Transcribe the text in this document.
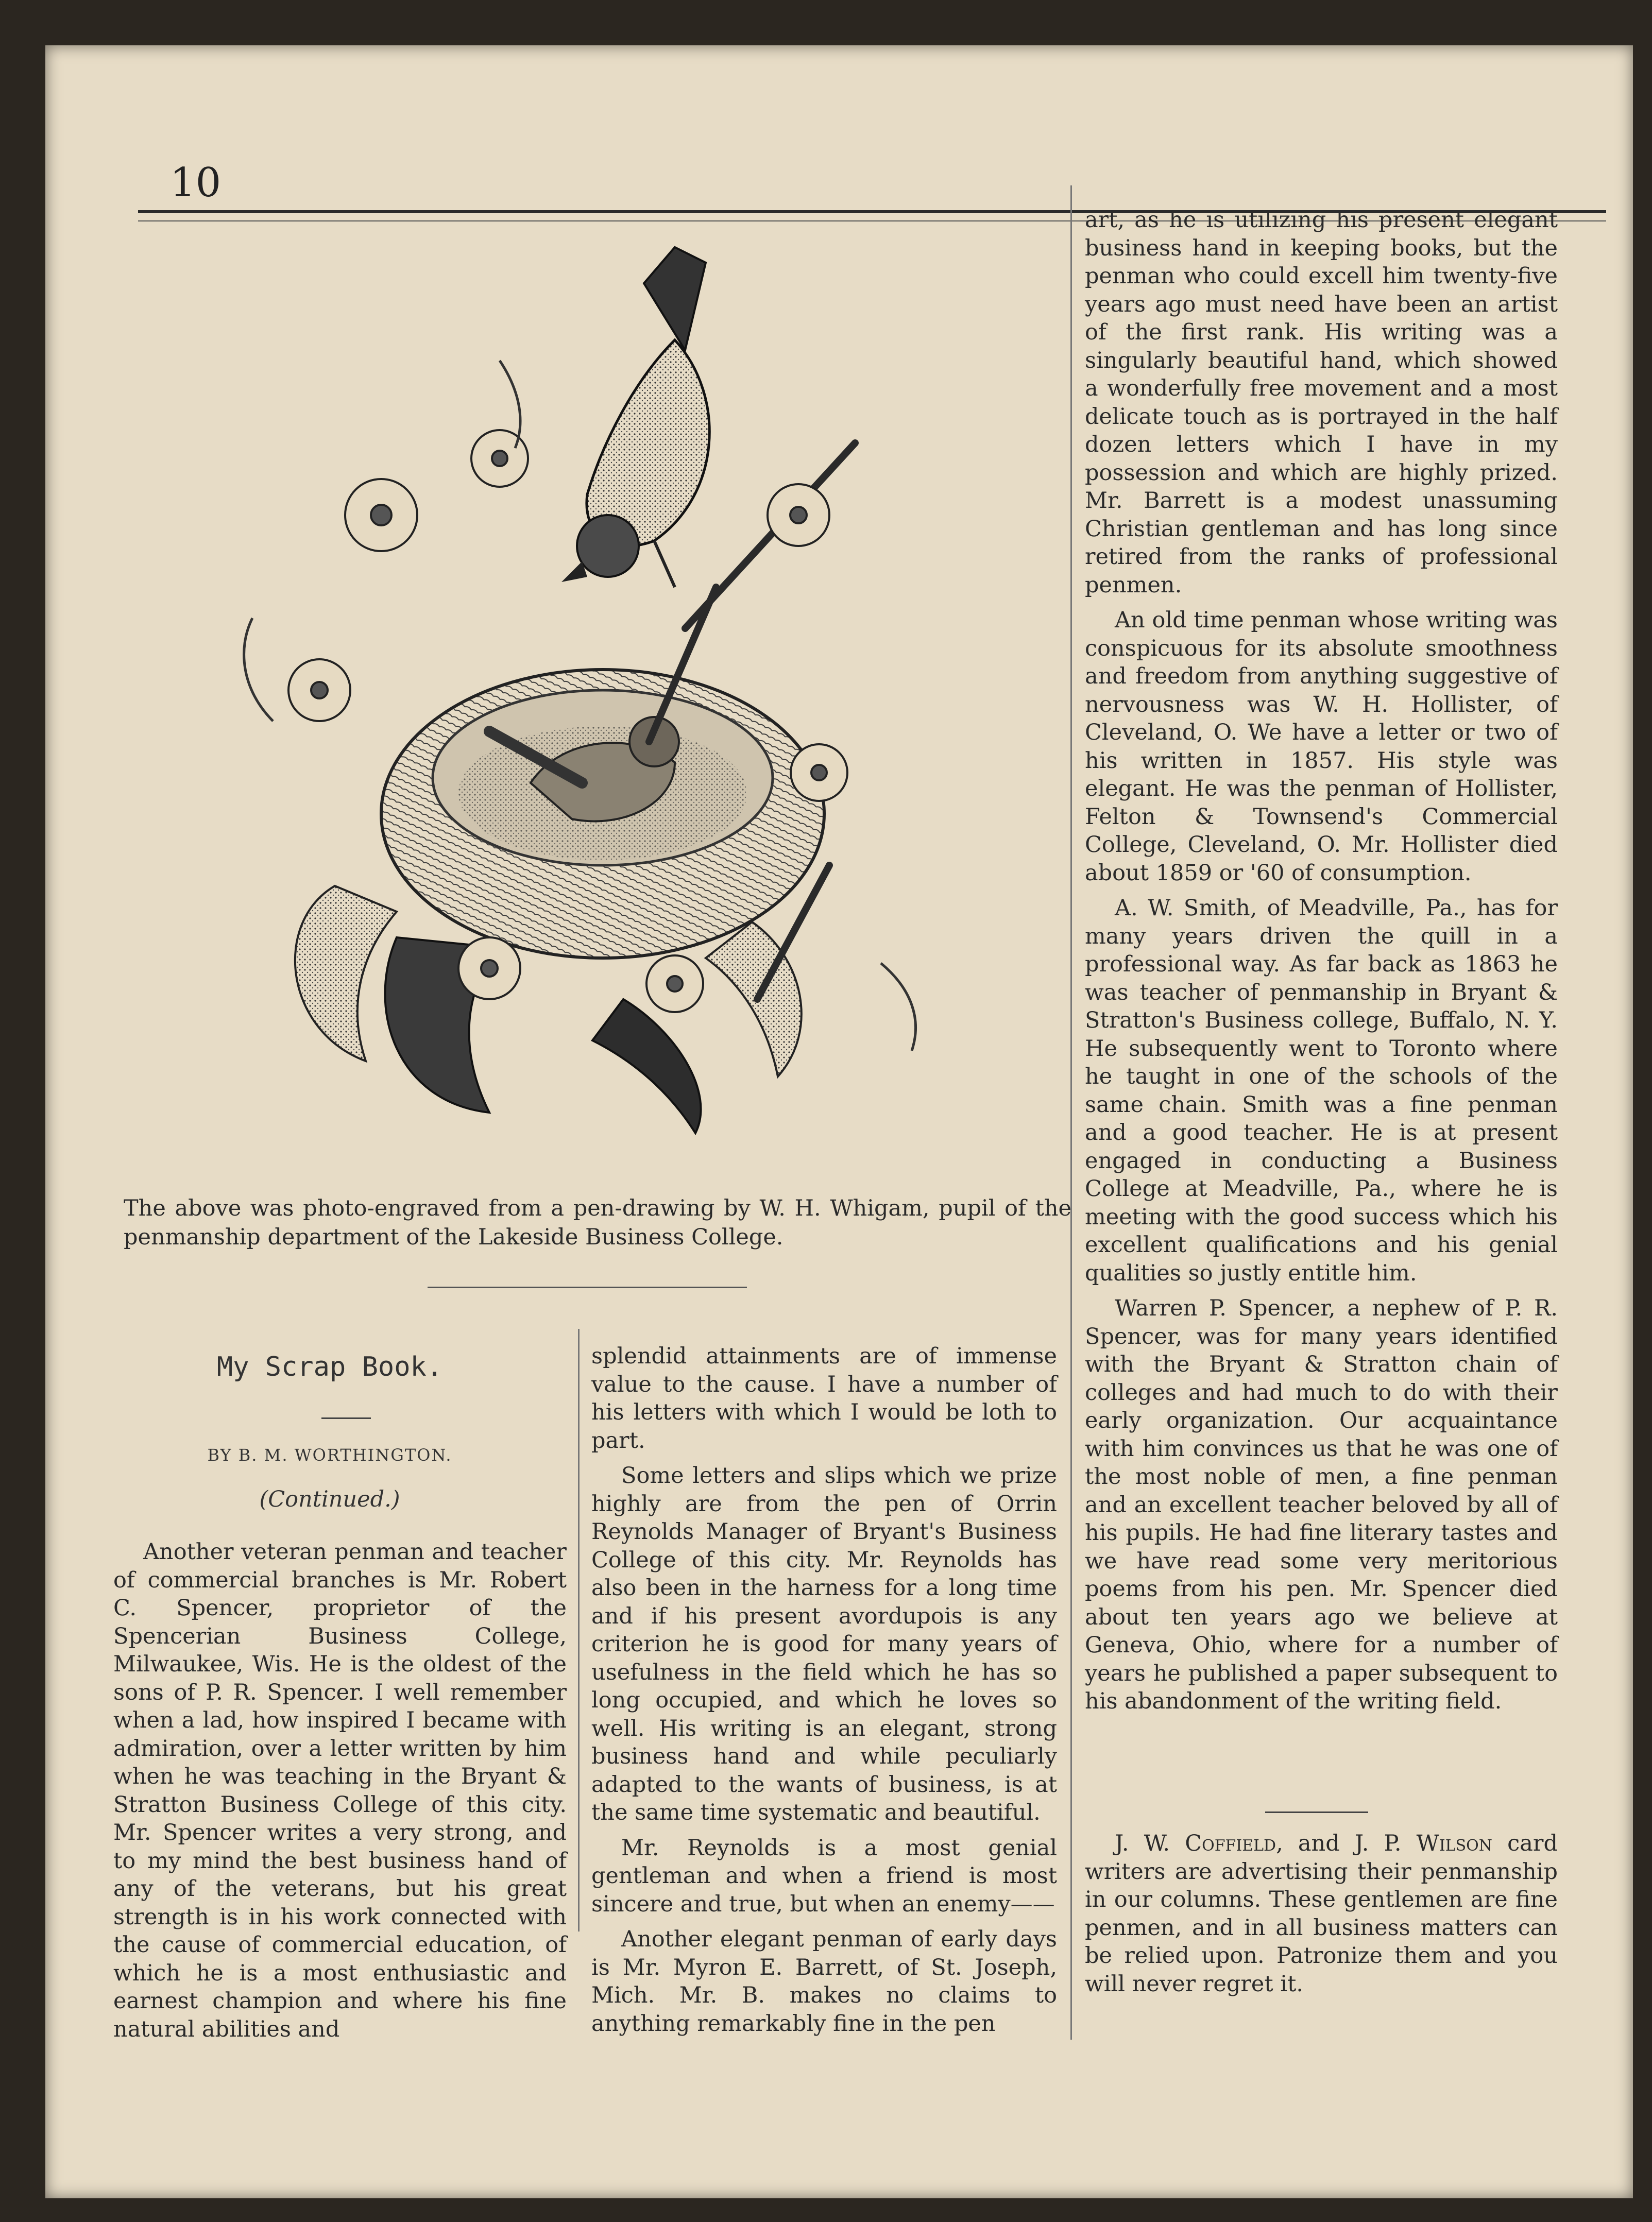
10
The above was photo-engraved from a pen-drawing by W. H. Whigam, pupil of the penmanship department of the Lakeside Business College.
My Scrap Book.
BY B. M. WORTHINGTON.
(Continued.)

Another veteran penman and teacher of commercial branches is Mr. Robert C. Spencer, proprietor of the Spencerian Business College, Milwaukee, Wis. He is the oldest of the sons of P. R. Spencer. I well remember when a lad, how inspired I became with admiration, over a letter written by him when he was teaching in the Bryant & Stratton Business College of this city. Mr. Spencer writes a very strong, and to my mind the best business hand of any of the veterans, but his great strength is in his work connected with the cause of commercial education, of which he is a most enthusiastic and earnest champion and where his fine natural abilities and

splendid attainments are of immense value to the cause. I have a number of his letters with which I would be loth to part.

Some letters and slips which we prize highly are from the pen of Orrin Reynolds Manager of Bryant's Business College of this city. Mr. Reynolds has also been in the harness for a long time and if his present avordupois is any criterion he is good for many years of usefulness in the field which he has so long occupied, and which he loves so well. His writing is an elegant, strong business hand and while peculiarly adapted to the wants of business, is at the same time systematic and beautiful.

Mr. Reynolds is a most genial gentleman and when a friend is most sincere and true, but when an enemy——

Another elegant penman of early days is Mr. Myron E. Barrett, of St. Joseph, Mich. Mr. B. makes no claims to anything remarkably fine in the pen

art, as he is utilizing his present elegant business hand in keeping books, but the penman who could excell him twenty-five years ago must need have been an artist of the first rank. His writing was a singularly beautiful hand, which showed a wonderfully free movement and a most delicate touch as is portrayed in the half dozen letters which I have in my possession and which are highly prized. Mr. Barrett is a modest unassuming Christian gentleman and has long since retired from the ranks of professional penmen.

An old time penman whose writing was conspicuous for its absolute smoothness and freedom from anything suggestive of nervousness was W. H. Hollister, of Cleveland, O. We have a letter or two of his written in 1857. His style was elegant. He was the penman of Hollister, Felton & Townsend's Commercial College, Cleveland, O. Mr. Hollister died about 1859 or '60 of consumption.

A. W. Smith, of Meadville, Pa., has for many years driven the quill in a professional way. As far back as 1863 he was teacher of penmanship in Bryant & Stratton's Business college, Buffalo, N. Y. He subsequently went to Toronto where he taught in one of the schools of the same chain. Smith was a fine penman and a good teacher. He is at present engaged in conducting a Business College at Meadville, Pa., where he is meeting with the good success which his excellent qualifications and his genial qualities so justly entitle him.

Warren P. Spencer, a nephew of P. R. Spencer, was for many years identified with the Bryant & Stratton chain of colleges and had much to do with their early organization. Our acquaintance with him convinces us that he was one of the most noble of men, a fine penman and an excellent teacher beloved by all of his pupils. He had fine literary tastes and we have read some very meritorious poems from his pen. Mr. Spencer died about ten years ago we believe at Geneva, Ohio, where for a number of years he published a paper subsequent to his abandonment of the writing field.

J. W. Coffield, and J. P. Wilson card writers are advertising their penmanship in our columns. These gentlemen are fine penmen, and in all business matters can be relied upon. Patronize them and you will never regret it.
